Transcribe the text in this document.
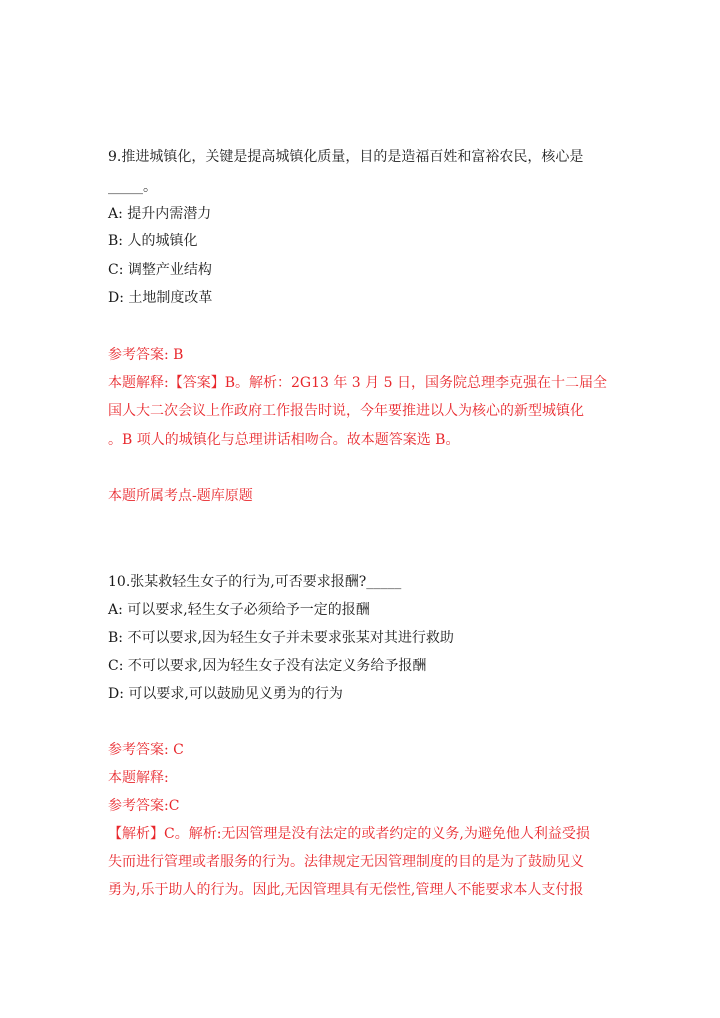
9.推进城镇化，关键是提高城镇化质量，目的是造福百姓和富裕农民，核心是
_____。
A: 提升内需潜力
B: 人的城镇化
C: 调整产业结构
D: 土地制度改革
参考答案: B
本题解释:【答案】B。解析：2G13 年 3 月 5 日，国务院总理李克强在十二届全
国人大二次会议上作政府工作报告时说，今年要推进以人为核心的新型城镇化
。B 项人的城镇化与总理讲话相吻合。故本题答案选 B。
本题所属考点-题库原题
10.张某救轻生女子的行为,可否要求报酬?_____
A: 可以要求,轻生女子必须给予一定的报酬
B: 不可以要求,因为轻生女子并未要求张某对其进行救助
C: 不可以要求,因为轻生女子没有法定义务给予报酬
D: 可以要求,可以鼓励见义勇为的行为
参考答案: C
本题解释:
参考答案:C
【解析】C。解析:无因管理是没有法定的或者约定的义务,为避免他人利益受损
失而进行管理或者服务的行为。法律规定无因管理制度的目的是为了鼓励见义
勇为,乐于助人的行为。因此,无因管理具有无偿性,管理人不能要求本人支付报
